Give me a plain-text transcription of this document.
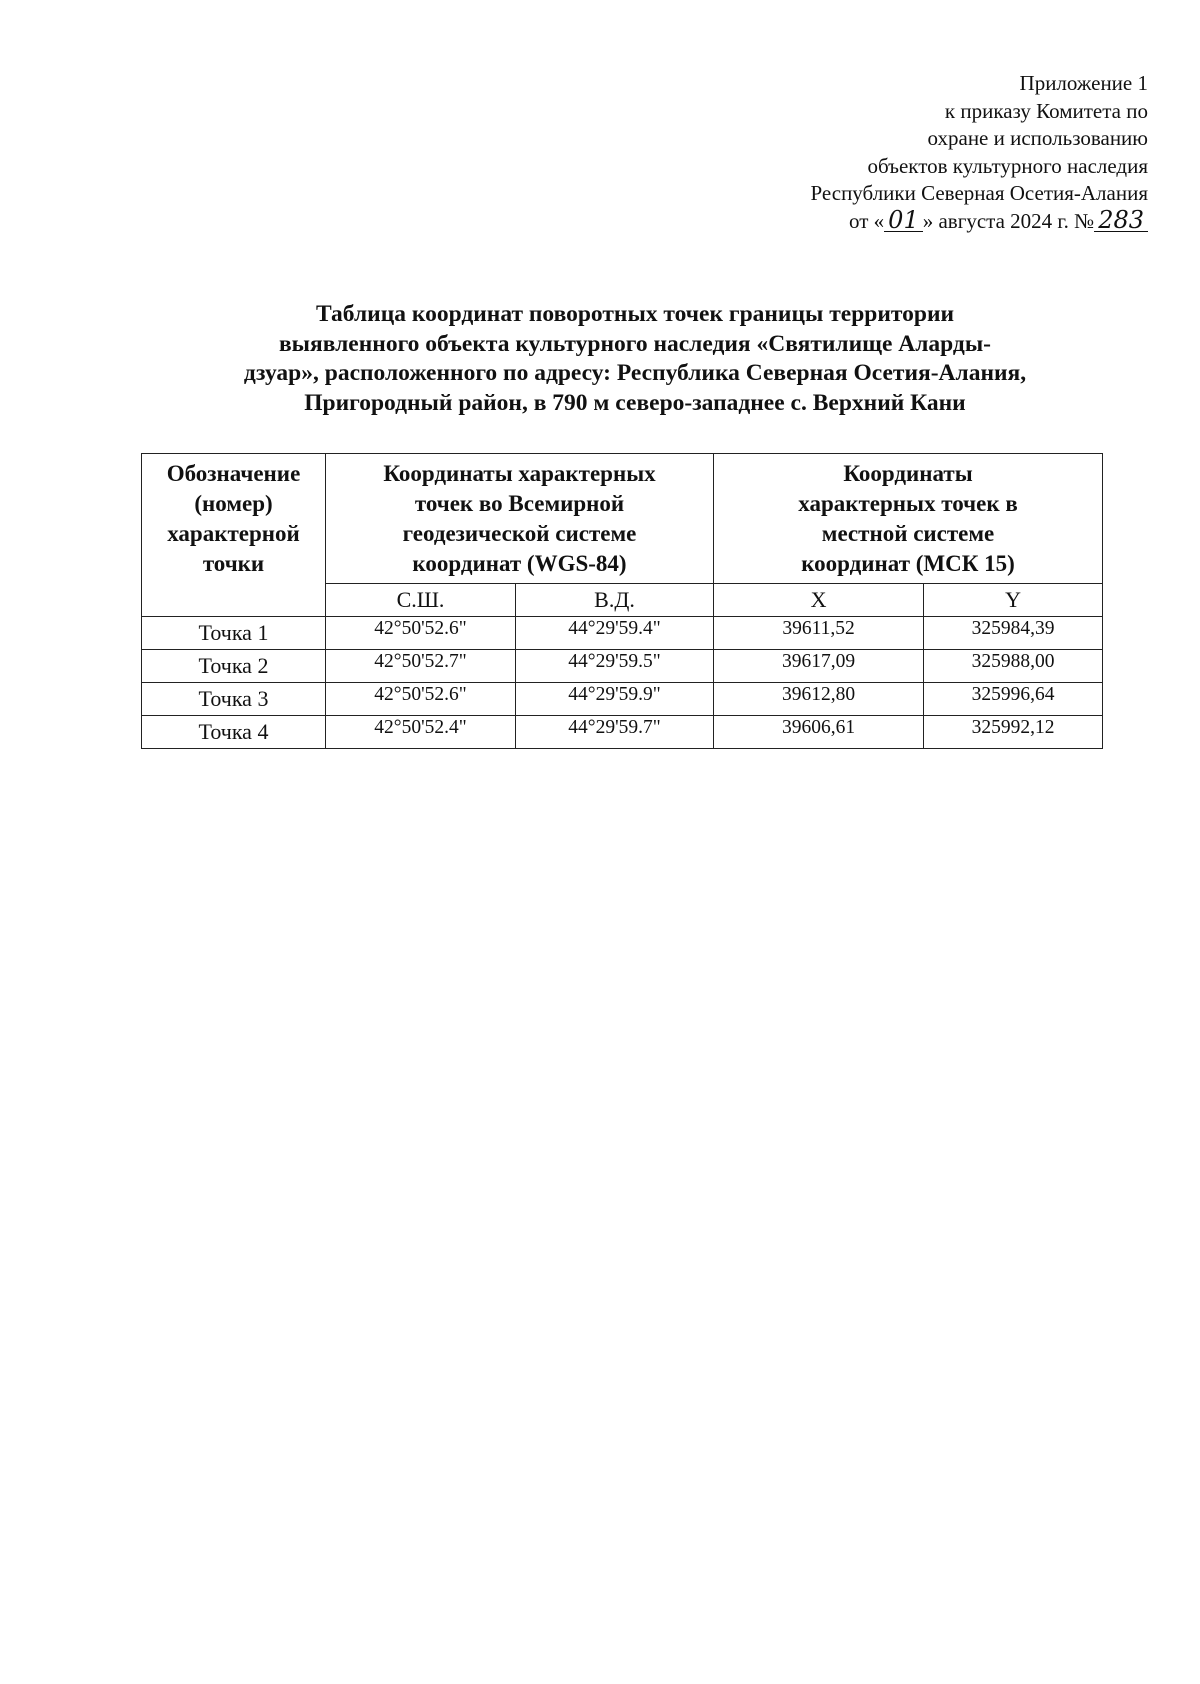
Приложение 1
к приказу Комитета по
охране и использованию
объектов культурного наследия
Республики Северная Осетия-Алания
от « 01 » августа 2024 г. № 283
Таблица координат поворотных точек границы территории
выявленного объекта культурного наследия «Святилище Аларды-
дзуар», расположенного по адресу: Республика Северная Осетия-Алания,
Пригородный район, в 790 м северо-западнее с. Верхний Кани
Обозначение
(номер)
характерной
точки	Координаты характерных
точек во Всемирной
геодезической системе
координат (WGS-84)		Координаты
характерных точек в
местной системе
координат (МСК 15)	

	С.Ш.	В.Д.	X	Y
Точка 1	42°50'52.6"	44°29'59.4"	39611,52	325984,39
Точка 2	42°50'52.7"	44°29'59.5"	39617,09	325988,00
Точка 3	42°50'52.6"	44°29'59.9"	39612,80	325996,64
Точка 4	42°50'52.4"	44°29'59.7"	39606,61	325992,12
